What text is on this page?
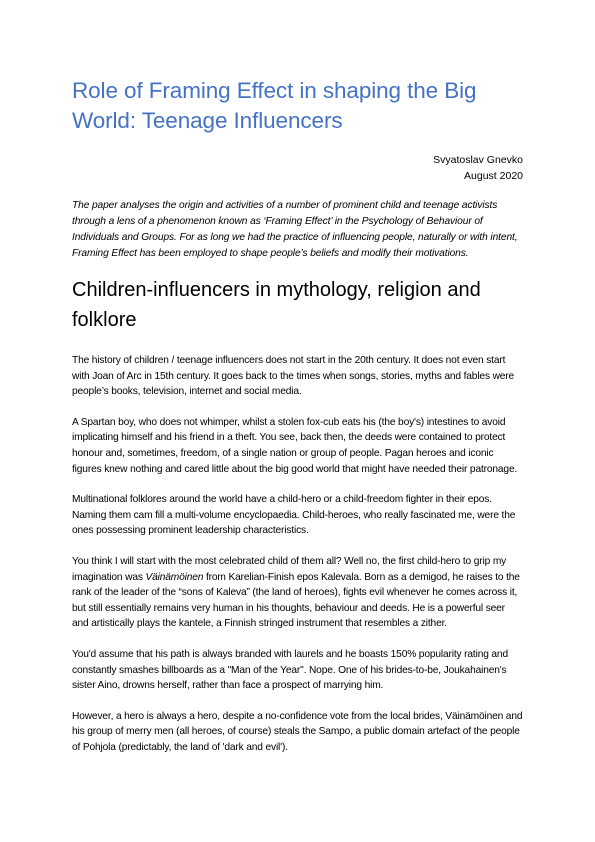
Role of Framing Effect in shaping the Big World: Teenage Influencers
Svyatoslav Gnevko
August 2020

The paper analyses the origin and activities of a number of prominent child and teenage activists through a lens of a phenomenon known as ‘Framing Effect’ in the Psychology of Behaviour of Individuals and Groups. For as long we had the practice of influencing people, naturally or with intent, Framing Effect has been employed to shape people’s beliefs and modify their motivations.

Children-influencers in mythology, religion and folklore

The history of children / teenage influencers does not start in the 20th century. It does not even start with Joan of Arc in 15th century. It goes back to the times when songs, stories, myths and fables were people’s books, television, internet and social media.

A Spartan boy, who does not whimper, whilst a stolen fox-cub eats his (the boy's) intestines to avoid implicating himself and his friend in a theft. You see, back then, the deeds were contained to protect honour and, sometimes, freedom, of a single nation or group of people. Pagan heroes and iconic figures knew nothing and cared little about the big good world that might have needed their patronage.

Multinational folklores around the world have a child-hero or a child-freedom fighter in their epos. Naming them cam fill a multi-volume encyclopaedia. Child-heroes, who really fascinated me, were the ones possessing prominent leadership characteristics.

You think I will start with the most celebrated child of them all? Well no, the first child-hero to grip my imagination was Väinämöinen from Karelian-Finish epos Kalevala. Born as a demigod, he raises to the rank of the leader of the “sons of Kaleva” (the land of heroes), fights evil whenever he comes across it, but still essentially remains very human in his thoughts, behaviour and deeds. He is a powerful seer and artistically plays the kantele, a Finnish stringed instrument that resembles a zither.

You'd assume that his path is always branded with laurels and he boasts 150% popularity rating and constantly smashes billboards as a "Man of the Year". Nope. One of his brides-to-be, Joukahainen's sister Aino, drowns herself, rather than face a prospect of marrying him.

However, a hero is always a hero, despite a no-confidence vote from the local brides, Väinämöinen and his group of merry men (all heroes, of course) steals the Sampo, a public domain artefact of the people of Pohjola (predictably, the land of 'dark and evil').
